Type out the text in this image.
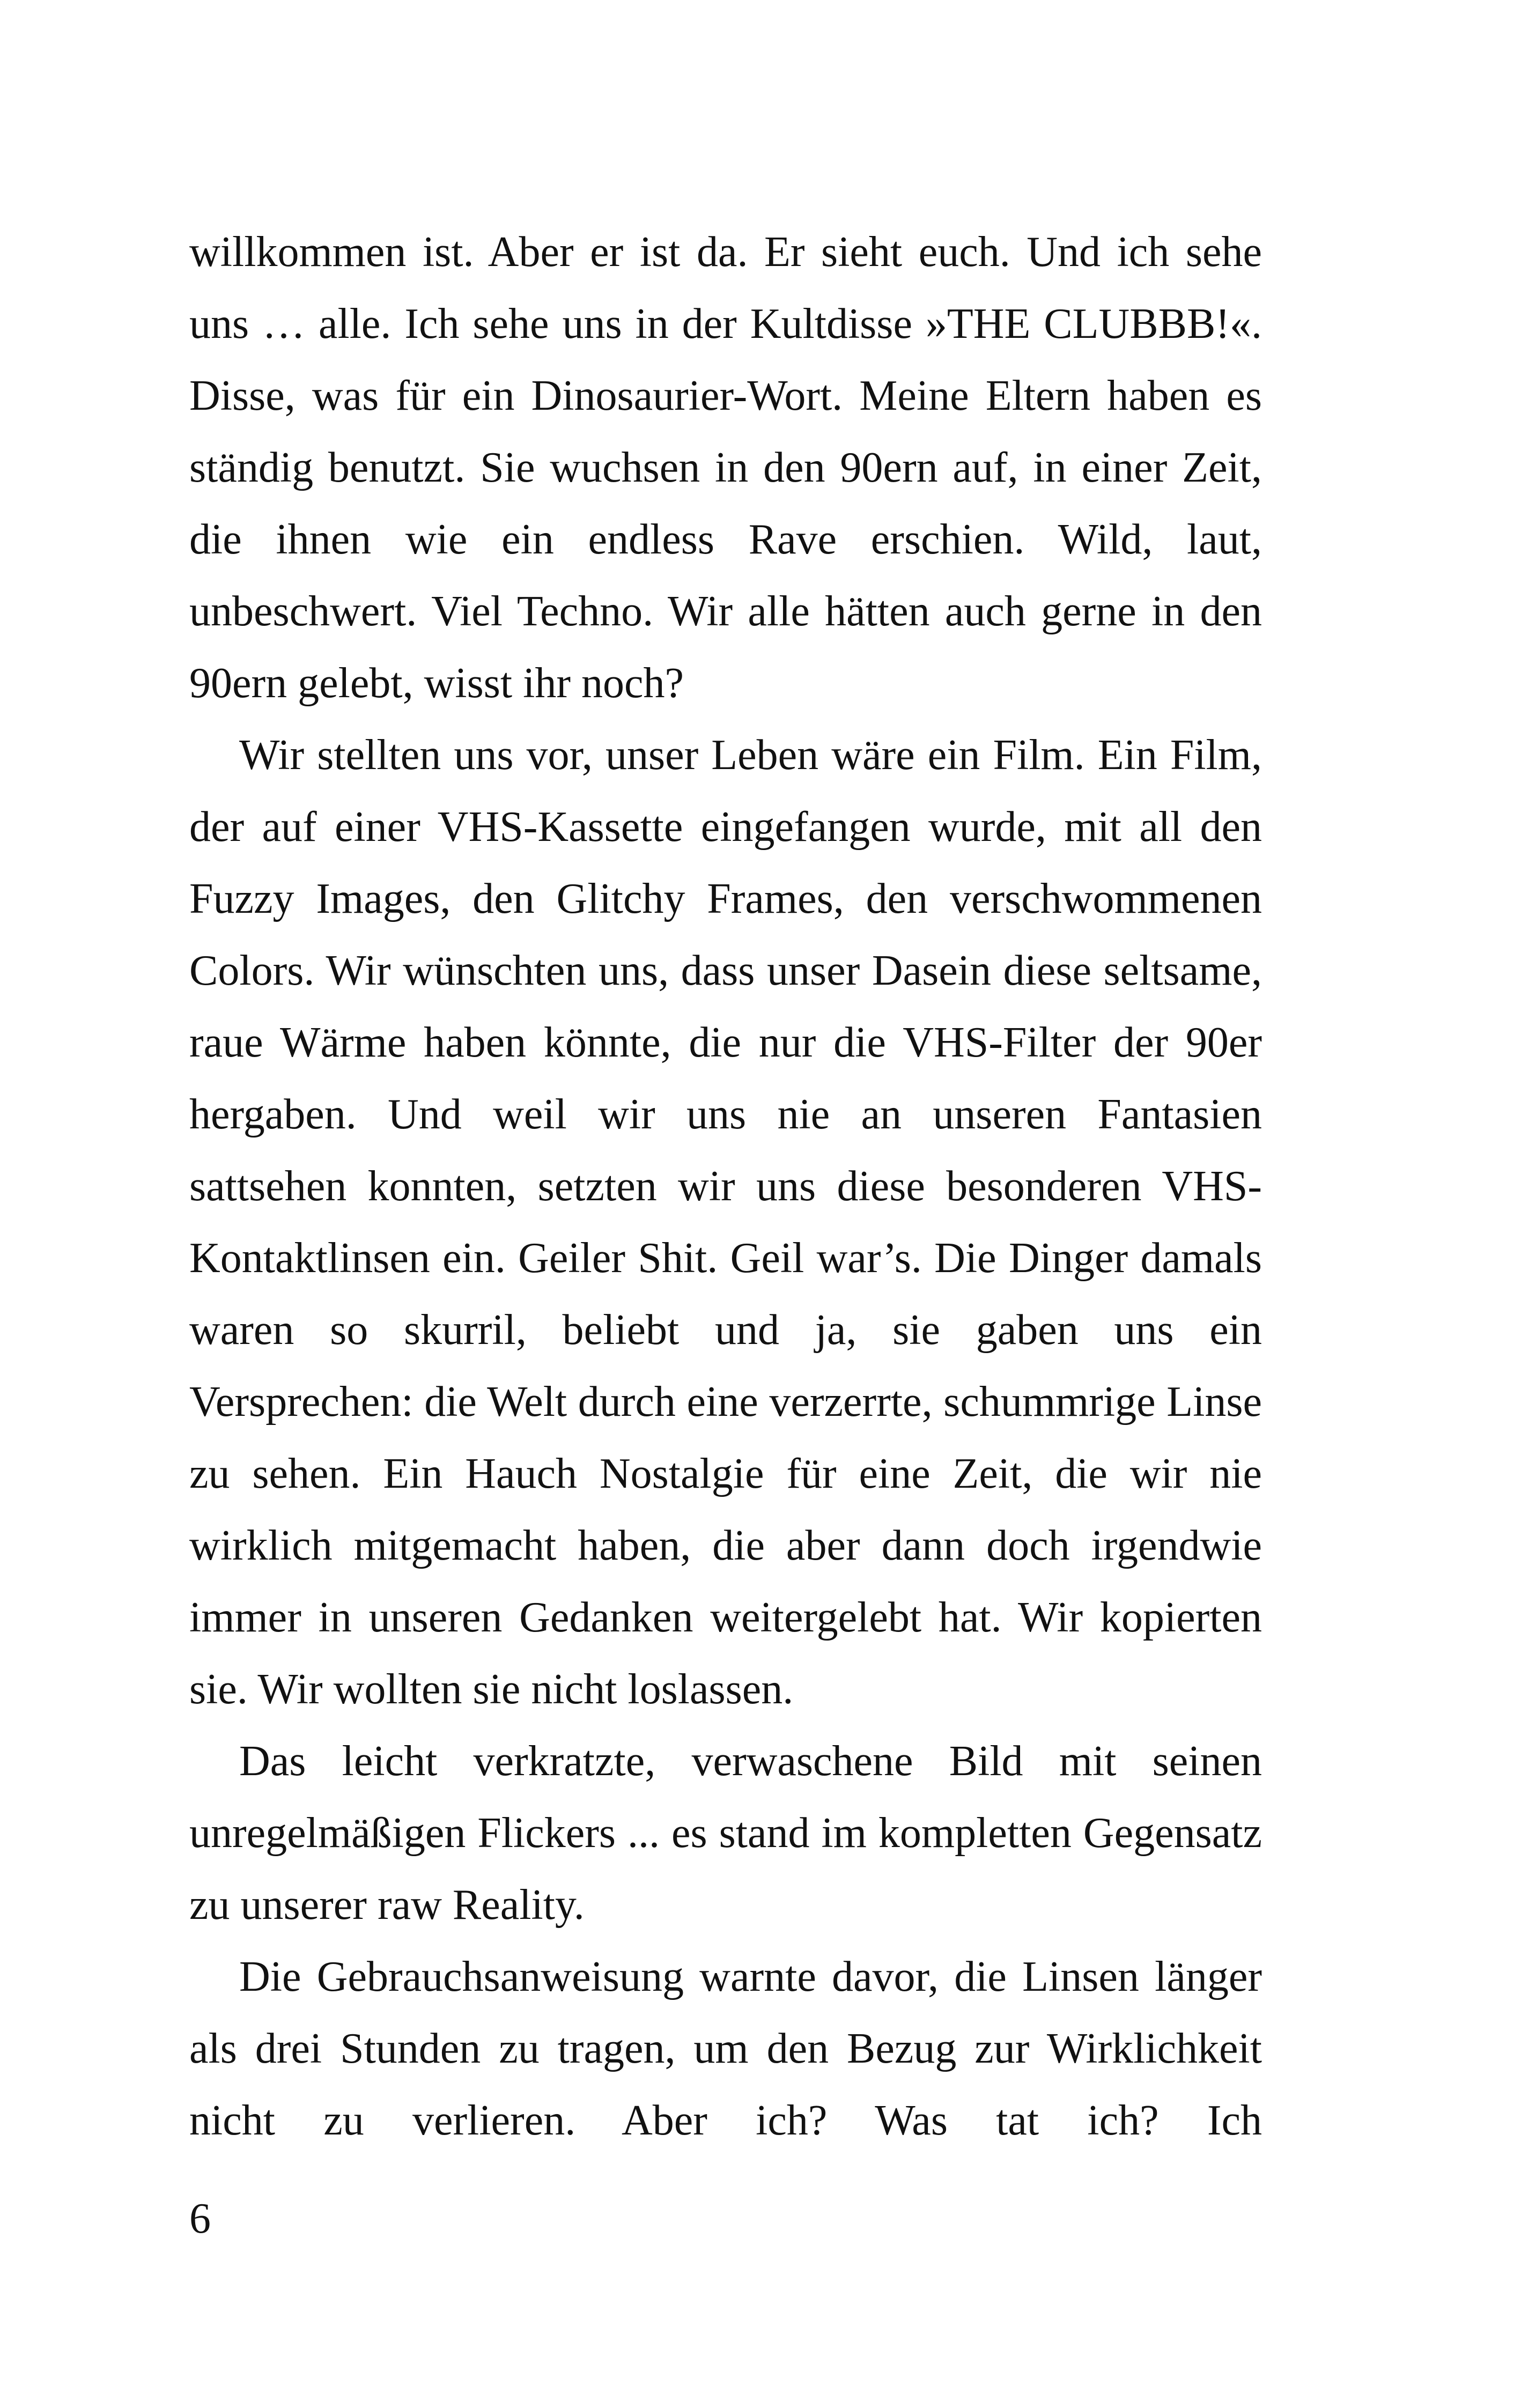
willkommen ist. Aber er ist da. Er sieht euch. Und ich sehe uns … alle. Ich sehe uns in der Kultdisse »THE CLUBBB!«. Disse, was für ein Dinosaurier-Wort. Meine Eltern haben es ständig benutzt. Sie wuchsen in den 90ern auf, in einer Zeit, die ihnen wie ein endless Rave erschien. Wild, laut, unbeschwert. Viel Techno. Wir alle hätten auch gerne in den 90ern gelebt, wisst ihr noch?

Wir stellten uns vor, unser Leben wäre ein Film. Ein Film, der auf einer VHS-Kassette eingefangen wurde, mit all den Fuzzy Images, den Glitchy Frames, den verschwommenen Colors. Wir wünschten uns, dass unser Dasein diese seltsame, raue Wärme haben könnte, die nur die VHS-Filter der 90er hergaben. Und weil wir uns nie an unseren Fantasien sattsehen konnten, setzten wir uns diese besonderen VHS-Kontaktlinsen ein. Geiler Shit. Geil war’s. Die Dinger damals waren so skurril, beliebt und ja, sie gaben uns ein Versprechen: die Welt durch eine verzerrte, schummrige Linse zu sehen. Ein Hauch Nostalgie für eine Zeit, die wir nie wirklich mitgemacht haben, die aber dann doch irgendwie immer in unseren Gedanken weitergelebt hat. Wir kopierten sie. Wir wollten sie nicht loslassen.

Das leicht verkratzte, verwaschene Bild mit seinen unregelmäßigen Flickers ... es stand im kompletten Gegensatz zu unserer raw Reality.

Die Gebrauchsanweisung warnte davor, die Linsen länger als drei Stunden zu tragen, um den Bezug zur Wirklichkeit nicht zu verlieren. Aber ich? Was tat ich? Ich

6
